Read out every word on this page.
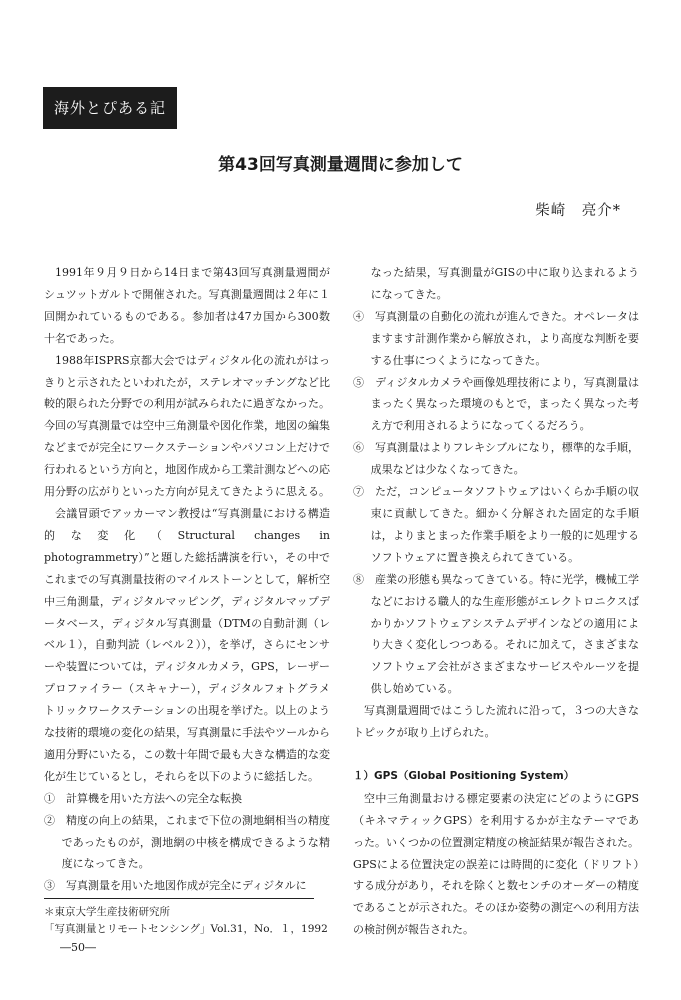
海外とぴある記
第43回写真測量週間に参加して
柴崎　亮介*

1991年９月９日から14日まで第43回写真測量週間がシュツットガルトで開催された。写真測量週間は２年に１回開かれているものである。参加者は47カ国から300数十名であった。

1988年ISPRS京都大会ではディジタル化の流れがはっきりと示されたといわれたが，ステレオマッチングなど比較的限られた分野での利用が試みられたに過ぎなかった。今回の写真測量では空中三角測量や図化作業，地図の編集などまでが完全にワークステーションやパソコン上だけで行われるという方向と，地図作成から工業計測などへの応用分野の広がりといった方向が見えてきたように思える。

会議冒頭でアッカーマン教授は“写真測量における構造的な変化（Structural changes in photogrammetry）”と題した総括講演を行い，その中でこれまでの写真測量技術のマイルストーンとして，解析空中三角測量，ディジタルマッピング，ディジタルマップデータベース，ディジタル写真測量（DTMの自動計測（レベル１），自動判読（レベル２）），を挙げ，さらにセンサーや装置については，ディジタルカメラ，GPS，レーザープロファイラー（スキャナー），ディジタルフォトグラメトリックワークステーションの出現を挙げた。以上のような技術的環境の変化の結果，写真測量に手法やツールから適用分野にいたる，この数十年間で最も大きな構造的な変化が生じているとし，それらを以下のように総括した。

①　計算機を用いた方法への完全な転換

②　精度の向上の結果，これまで下位の測地網相当の精度であったものが，測地網の中核を構成できるような精度になってきた。

③　写真測量を用いた地図作成が完全にディジタルに

なった結果，写真測量がGISの中に取り込まれるようになってきた。

④　写真測量の自動化の流れが進んできた。オペレータはますます計測作業から解放され，より高度な判断を要する仕事につくようになってきた。

⑤　ディジタルカメラや画像処理技術により，写真測量はまったく異なった環境のもとで，まったく異なった考え方で利用されるようになってくるだろう。

⑥　写真測量はよりフレキシブルになり，標準的な手順，成果などは少なくなってきた。

⑦　ただ，コンピュータソフトウェアはいくらか手順の収束に貢献してきた。細かく分解された固定的な手順は，よりまとまった作業手順をより一般的に処理するソフトウェアに置き換えられてきている。

⑧　産業の形態も異なってきている。特に光学，機械工学などにおける職人的な生産形態がエレクトロニクスばかりかソフトウェアシステムデザインなどの適用により大きく変化しつつある。それに加えて，さまざまなソフトウェア会社がさまざまなサービスやルーツを提供し始めている。

写真測量週間ではこうした流れに沿って，３つの大きなトピックが取り上げられた。

１）GPS（Global Positioning System）

空中三角測量おける標定要素の決定にどのようにGPS（キネマティックGPS）を利用するかが主なテーマであった。いくつかの位置測定精度の検証結果が報告された。GPSによる位置決定の誤差には時間的に変化（ドリフト）する成分があり，それを除くと数センチのオーダーの精度であることが示された。そのほか姿勢の測定への利用方法の検討例が報告された。

＊東京大学生産技術研究所
「写真測量とリモートセンシング」Vol.31，No．１，1992
―50―
